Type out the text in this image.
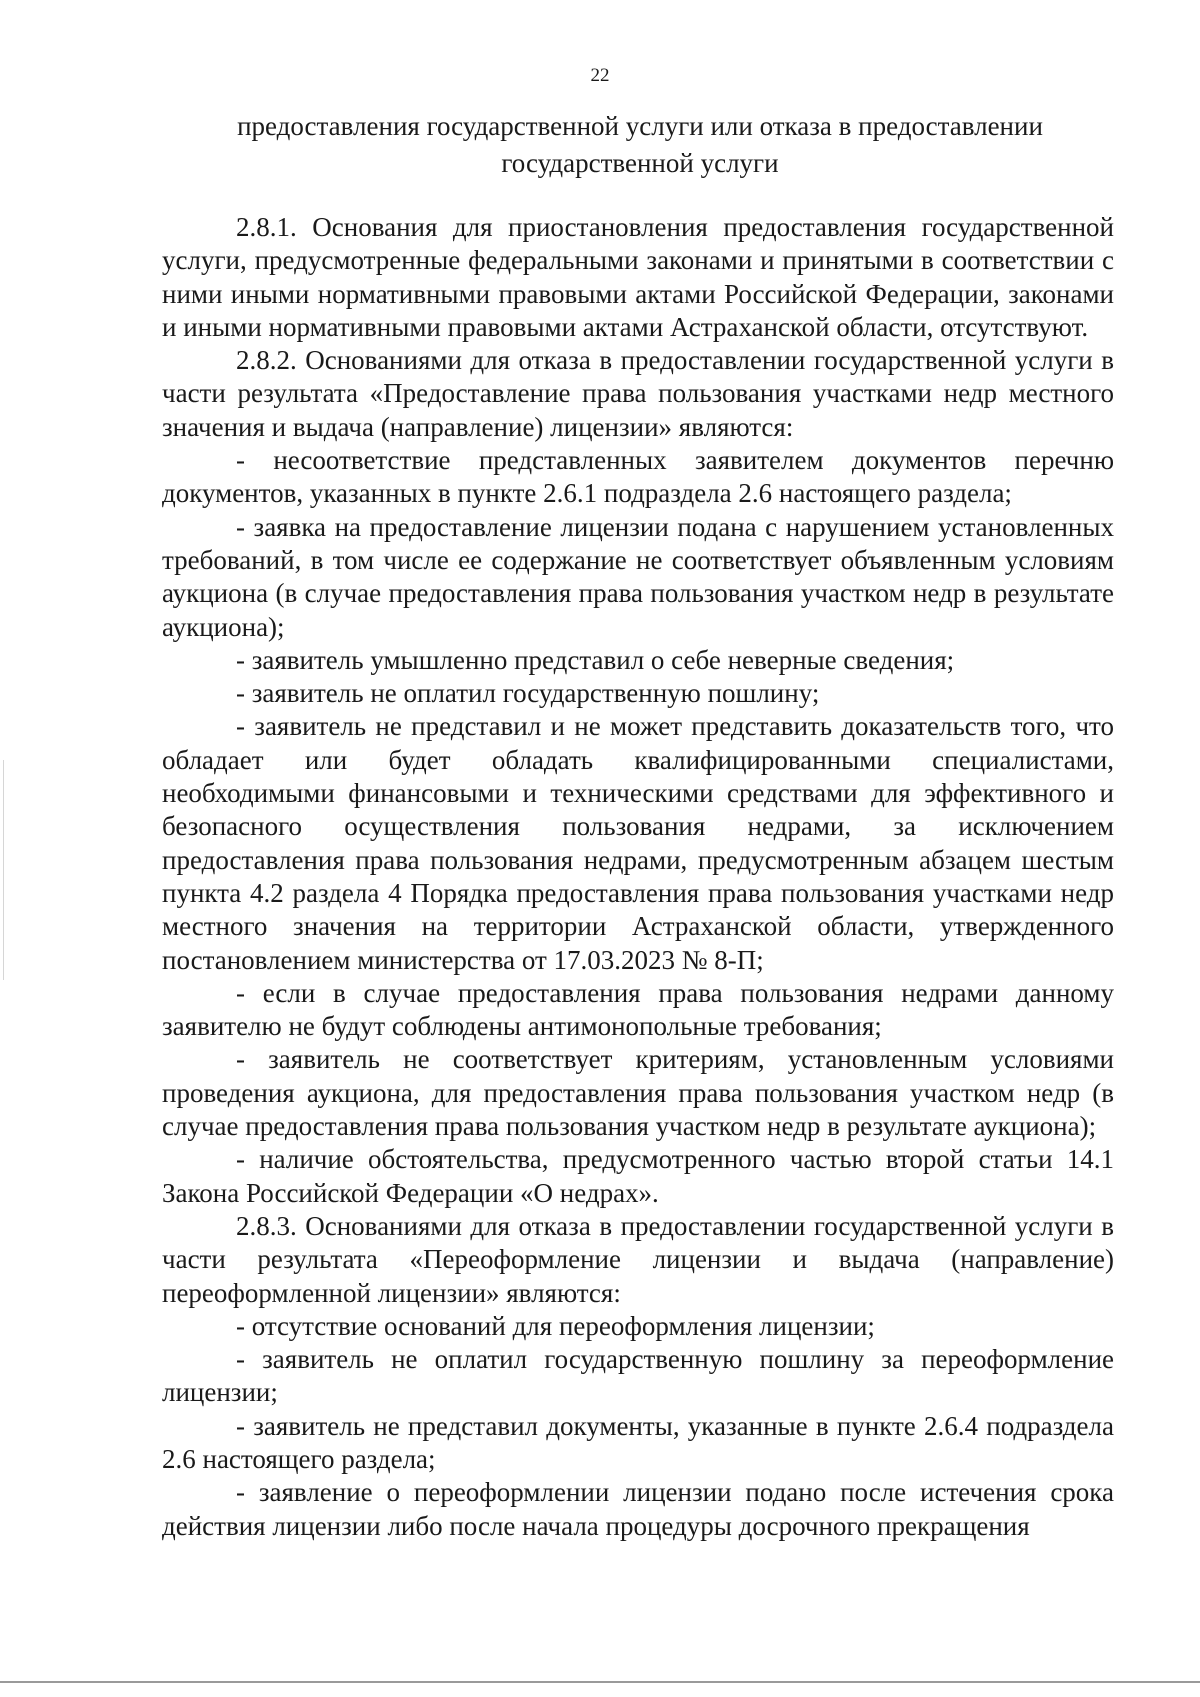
22
предоставления государственной услуги или отказа в предоставлении государственной услуги

2.8.1. Основания для приостановления предоставления государственной услуги, предусмотренные федеральными законами и принятыми в соответствии с ними иными нормативными правовыми актами Российской Федерации, законами и иными нормативными правовыми актами Астраханской области, отсутствуют.

2.8.2. Основаниями для отказа в предоставлении государственной услуги в части результата «Предоставление права пользования участками недр местного значения и выдача (направление) лицензии» являются:

- несоответствие представленных заявителем документов перечню документов, указанных в пункте 2.6.1 подраздела 2.6 настоящего раздела;

- заявка на предоставление лицензии подана с нарушением установленных требований, в том числе ее содержание не соответствует объявленным условиям аукциона (в случае предоставления права пользования участком недр в результате аукциона);

- заявитель умышленно представил о себе неверные сведения;

- заявитель не оплатил государственную пошлину;

- заявитель не представил и не может представить доказательств того, что обладает или будет обладать квалифицированными специалистами, необходимыми финансовыми и техническими средствами для эффективного и безопасного осуществления пользования недрами, за исключением предоставления права пользования недрами, предусмотренным абзацем шестым пункта 4.2 раздела 4 Порядка предоставления права пользования участками недр местного значения на территории Астраханской области, утвержденного постановлением министерства от 17.03.2023 № 8-П;

- если в случае предоставления права пользования недрами данному заявителю не будут соблюдены антимонопольные требования;

- заявитель не соответствует критериям, установленным условиями проведения аукциона, для предоставления права пользования участком недр (в случае предоставления права пользования участком недр в результате аукциона);

- наличие обстоятельства, предусмотренного частью второй статьи 14.1 Закона Российской Федерации «О недрах».

2.8.3. Основаниями для отказа в предоставлении государственной услуги в части результата «Переоформление лицензии и выдача (направление) переоформленной лицензии» являются:

- отсутствие оснований для переоформления лицензии;

- заявитель не оплатил государственную пошлину за переоформление лицензии;

- заявитель не представил документы, указанные в пункте 2.6.4 подраздела 2.6 настоящего раздела;

- заявление о переоформлении лицензии подано после истечения срока действия лицензии либо после начала процедуры досрочного прекращения
